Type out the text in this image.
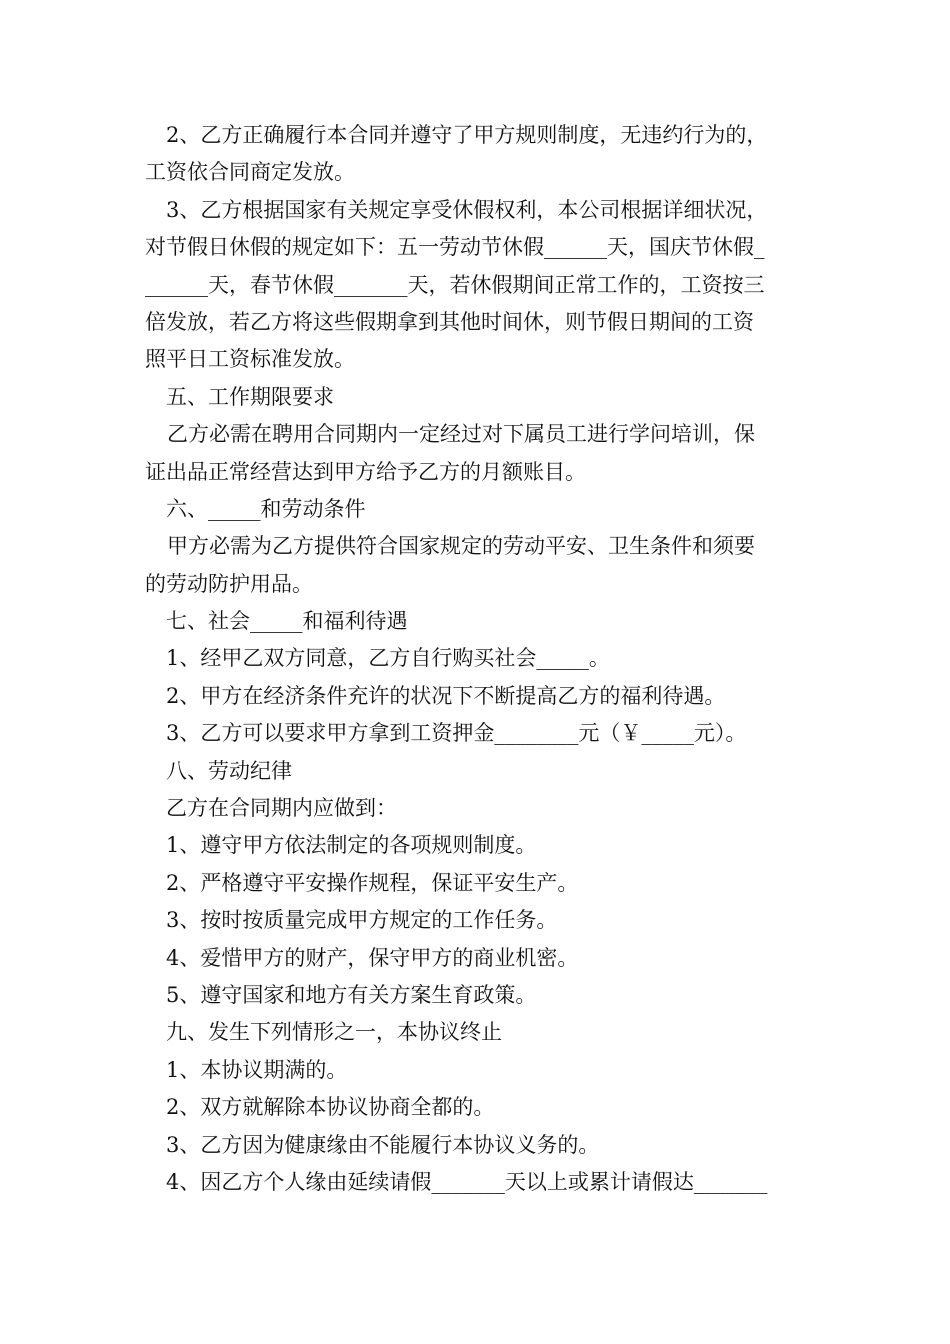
2、乙方正确履行本合同并遵守了甲方规则制度，无违约行为的，
工资依合同商定发放。
3、乙方根据国家有关规定享受休假权利，本公司根据详细状况，
对节假日休假的规定如下：五一劳动节休假______天，国庆节休假_
______天，春节休假_______天，若休假期间正常工作的，工资按三
倍发放，若乙方将这些假期拿到其他时间休，则节假日期间的工资
照平日工资标准发放。
五、工作期限要求
乙方必需在聘用合同期内一定经过对下属员工进行学问培训，保
证出品正常经营达到甲方给予乙方的月额账目。
六、_____和劳动条件
甲方必需为乙方提供符合国家规定的劳动平安、卫生条件和须要
的劳动防护用品。
七、社会_____和福利待遇
1、经甲乙双方同意，乙方自行购买社会_____。
2、甲方在经济条件充许的状况下不断提高乙方的福利待遇。
3、乙方可以要求甲方拿到工资押金________元（￥_____元）。
八、劳动纪律
乙方在合同期内应做到：
1、遵守甲方依法制定的各项规则制度。
2、严格遵守平安操作规程，保证平安生产。
3、按时按质量完成甲方规定的工作任务。
4、爱惜甲方的财产，保守甲方的商业机密。
5、遵守国家和地方有关方案生育政策。
九、发生下列情形之一，本协议终止
1、本协议期满的。
2、双方就解除本协议协商全都的。
3、乙方因为健康缘由不能履行本协议义务的。
4、因乙方个人缘由延续请假_______天以上或累计请假达_______
